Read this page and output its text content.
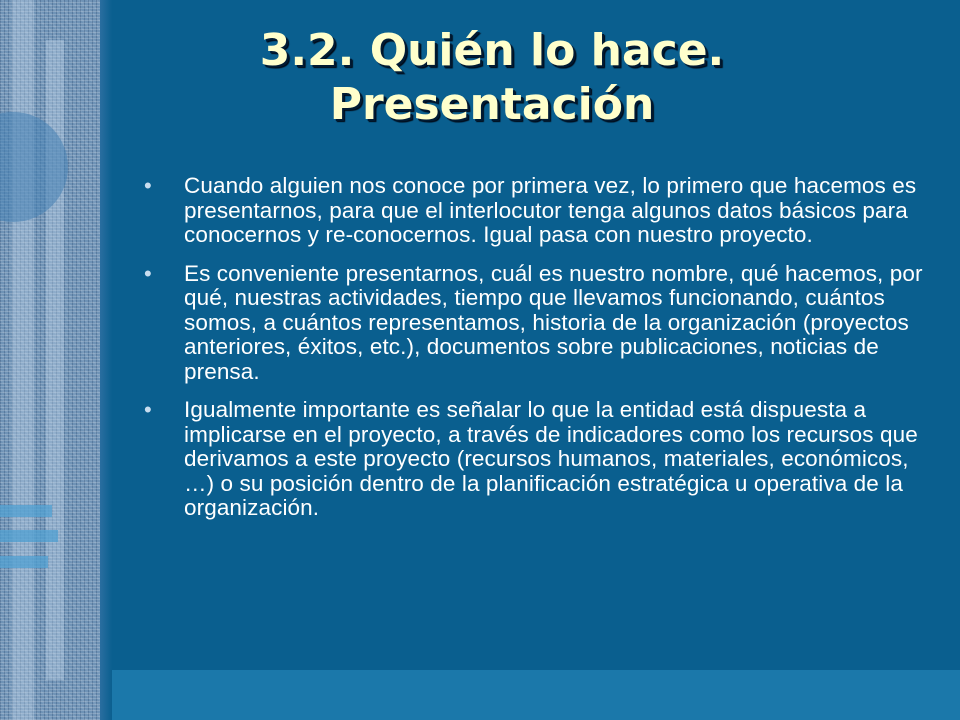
3.2. Quién lo hace. Presentación
• Cuando alguien nos conoce por primera vez, lo primero que hacemos es presentarnos, para que el interlocutor tenga algunos datos básicos para conocernos y re-conocernos. Igual pasa con nuestro proyecto.
• Es conveniente presentarnos, cuál es nuestro nombre, qué hacemos, por qué, nuestras actividades, tiempo que llevamos funcionando, cuántos somos, a cuántos representamos, historia de la organización (proyectos anteriores, éxitos, etc.), documentos sobre publicaciones, noticias de prensa.
• Igualmente importante es señalar lo que la entidad está dispuesta a implicarse en el proyecto, a través de indicadores como los recursos que derivamos a este proyecto (recursos humanos, materiales, económicos, …) o su posición dentro de la planificación estratégica u operativa de la organización.
